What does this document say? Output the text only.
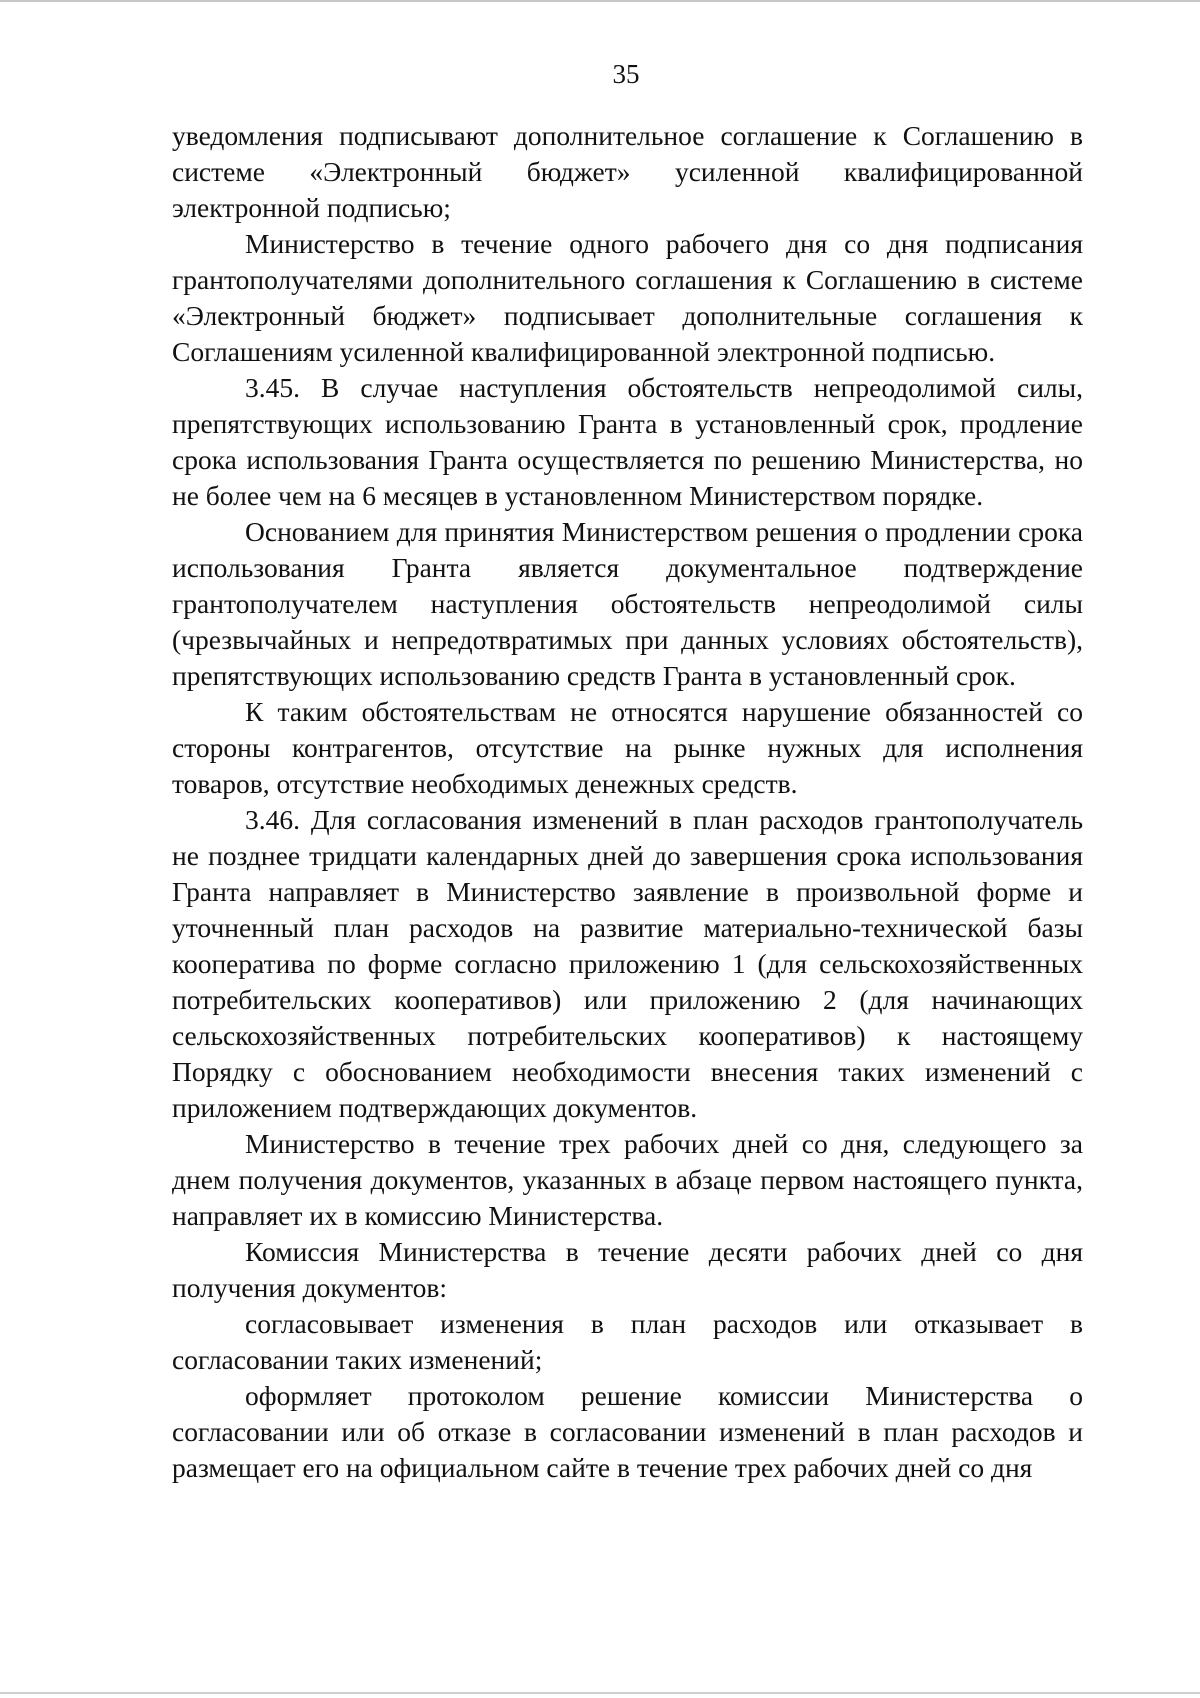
35

уведомления подписывают дополнительное соглашение к Соглашению в системе «Электронный бюджет» усиленной квалифицированной электронной подписью;

Министерство в течение одного рабочего дня со дня подписания грантополучателями дополнительного соглашения к Соглашению в системе «Электронный бюджет» подписывает дополнительные соглашения к Соглашениям усиленной квалифицированной электронной подписью.

3.45. В случае наступления обстоятельств непреодолимой силы, препятствующих использованию Гранта в установленный срок, продление срока использования Гранта осуществляется по решению Министерства, но не более чем на 6 месяцев в установленном Министерством порядке.

Основанием для принятия Министерством решения о продлении срока использования Гранта является документальное подтверждение грантополучателем наступления обстоятельств непреодолимой силы (чрезвычайных и непредотвратимых при данных условиях обстоятельств), препятствующих использованию средств Гранта в установленный срок.

К таким обстоятельствам не относятся нарушение обязанностей со стороны контрагентов, отсутствие на рынке нужных для исполнения товаров, отсутствие необходимых денежных средств.

3.46. Для согласования изменений в план расходов грантополучатель не позднее тридцати календарных дней до завершения срока использования Гранта направляет в Министерство заявление в произвольной форме и уточненный план расходов на развитие материально-технической базы кооператива по форме согласно приложению 1 (для сельскохозяйственных потребительских кооперативов) или приложению 2 (для начинающих сельскохозяйственных потребительских кооперативов) к настоящему Порядку с обоснованием необходимости внесения таких изменений с приложением подтверждающих документов.

Министерство в течение трех рабочих дней со дня, следующего за днем получения документов, указанных в абзаце первом настоящего пункта, направляет их в комиссию Министерства.

Комиссия Министерства в течение десяти рабочих дней со дня получения документов:

согласовывает изменения в план расходов или отказывает в согласовании таких изменений;

оформляет протоколом решение комиссии Министерства о согласовании или об отказе в согласовании изменений в план расходов и размещает его на официальном сайте в течение трех рабочих дней со дня
